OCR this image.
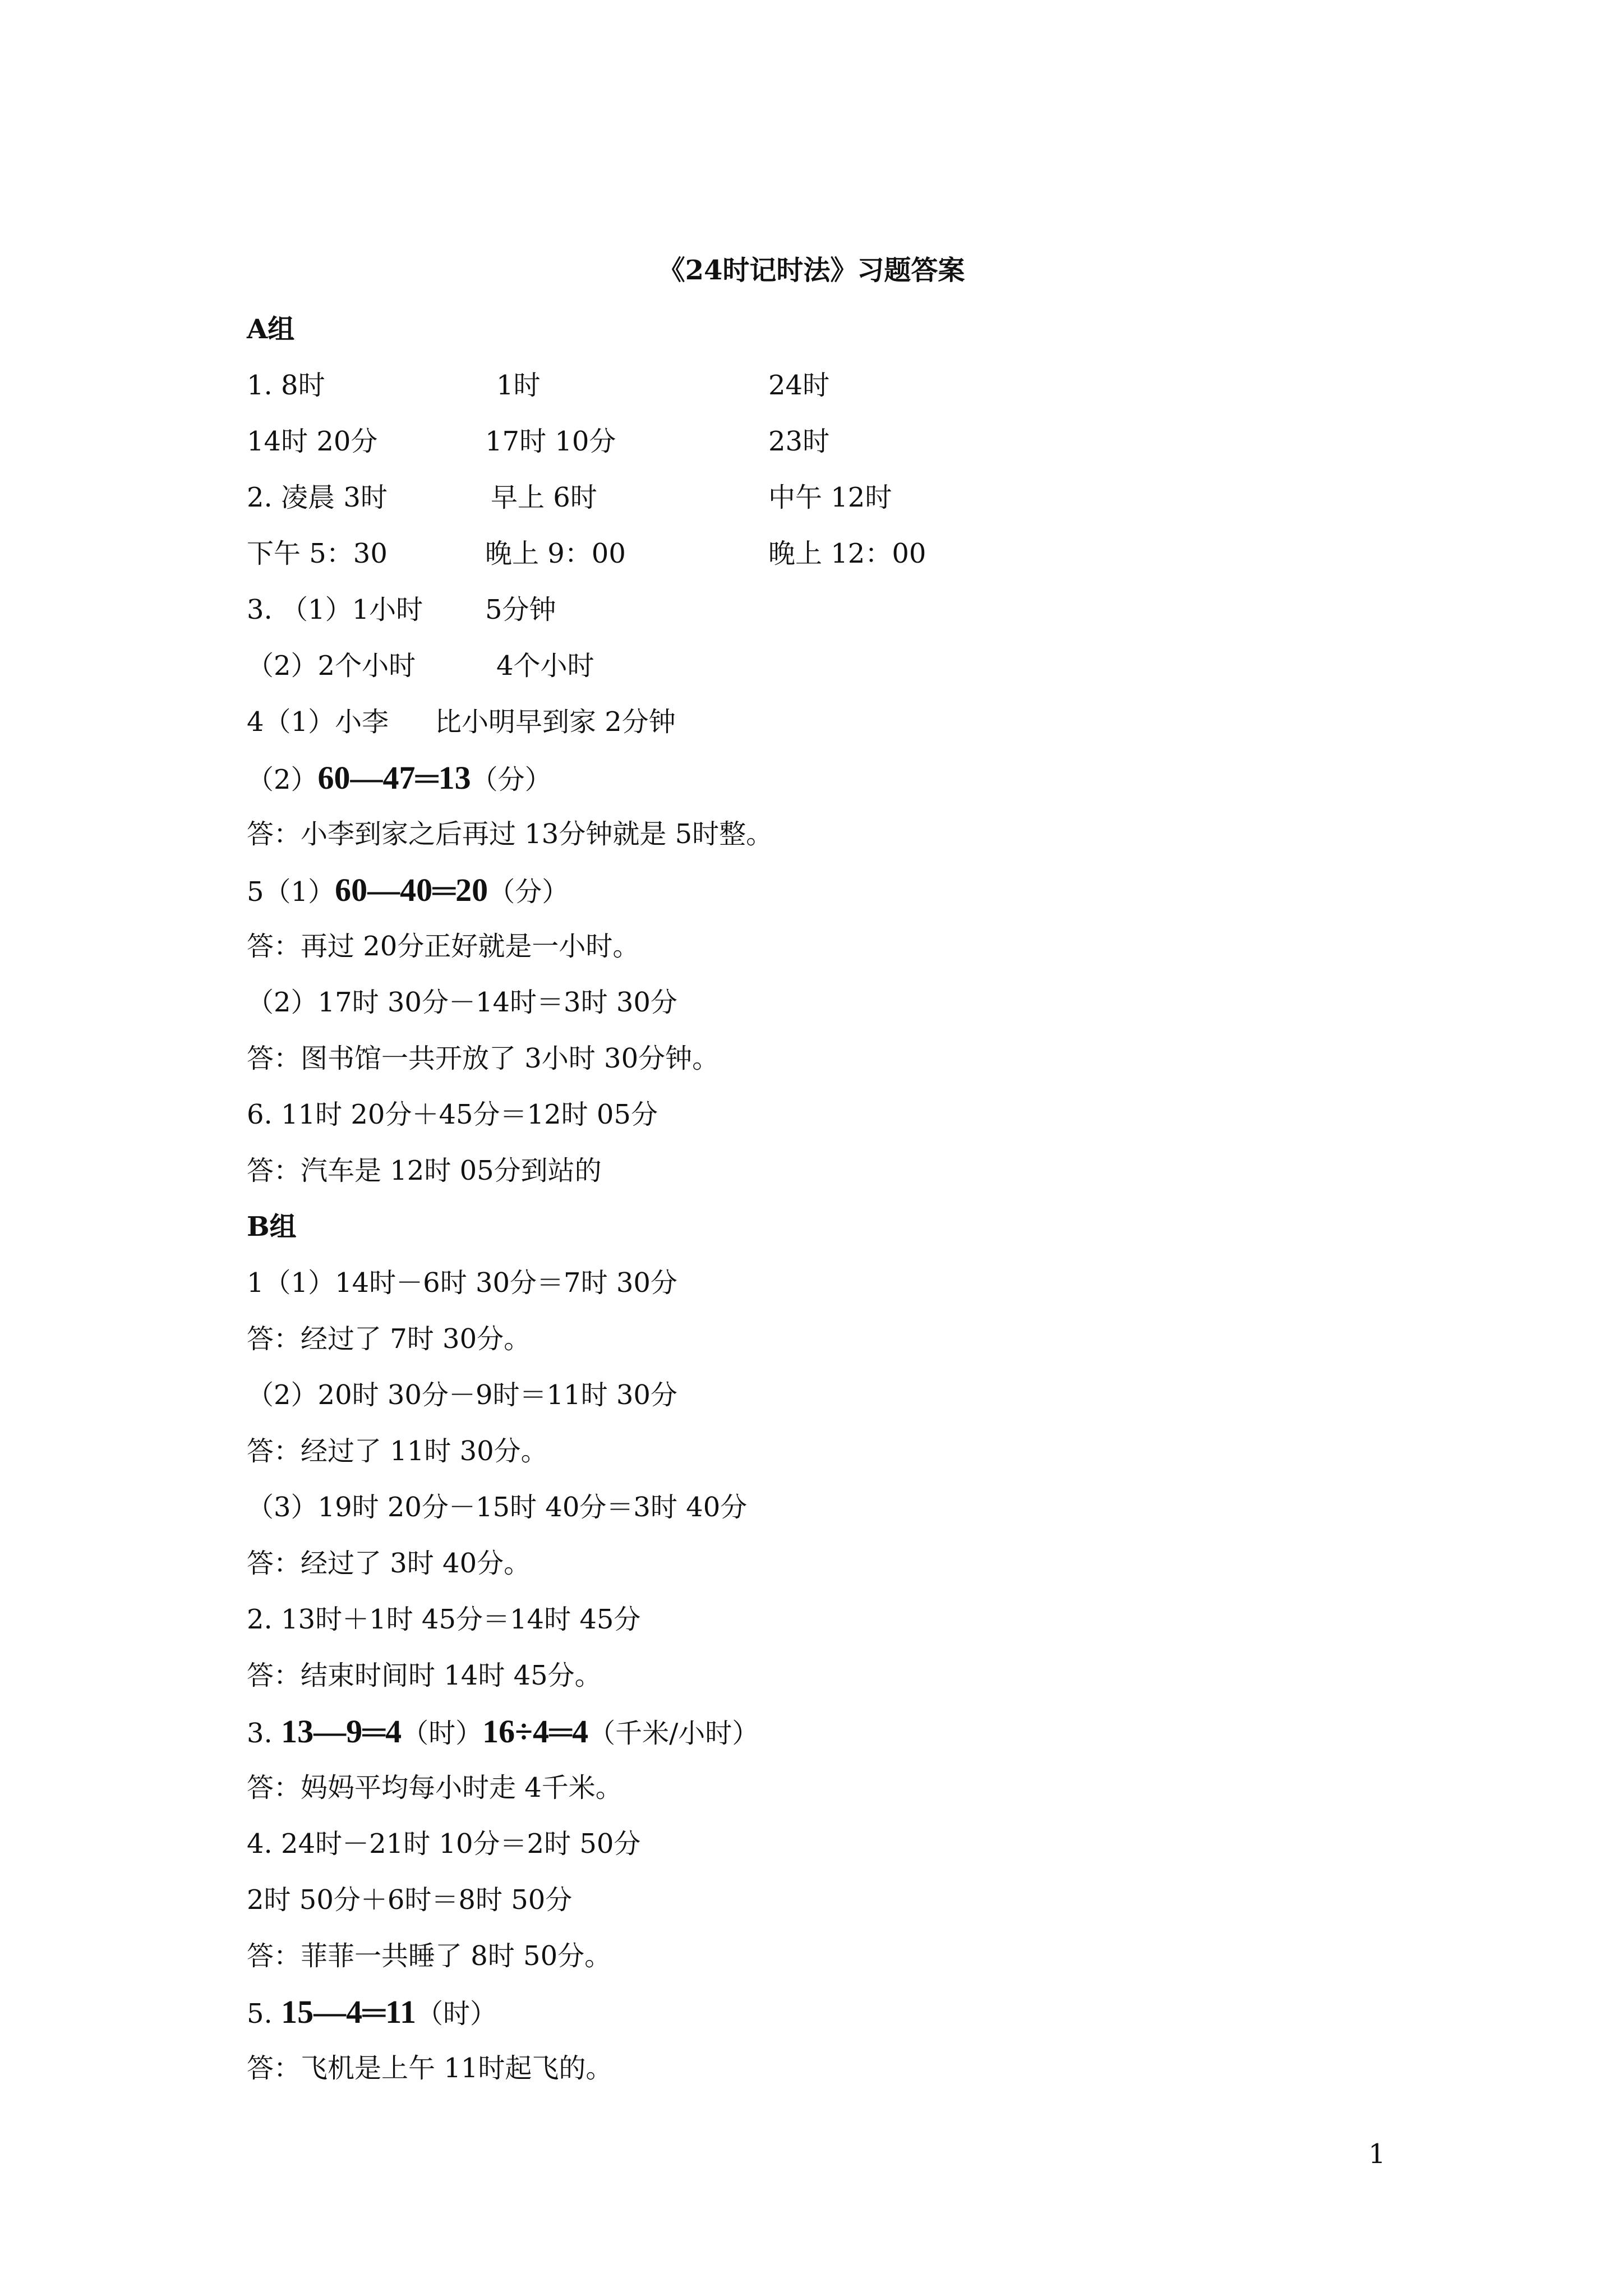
《24时记时法》习题答案
A组
1. 8时	1时	24时
14时 20分	17时 10分	23时
2. 凌晨 3时	早上 6时	中午 12时
下午 5：30	晚上 9：00	晚上 12：00
3. （1）1小时 5分钟
（2）2个小时	4个小时
4（1）小李 比小明早到家 2分钟
（2）60—47═13（分）
答：小李到家之后再过 13分钟就是 5时整。
5（1）60—40═20（分）
答：再过 20分正好就是一小时。
（2）17时 30分－14时＝3时 30分
答：图书馆一共开放了 3小时 30分钟。
6. 11时 20分＋45分＝12时 05分
答：汽车是 12时 05分到站的
B组
1（1）14时－6时 30分＝7时 30分
答：经过了 7时 30分。
（2）20时 30分－9时＝11时 30分
答：经过了 11时 30分。
（3）19时 20分－15时 40分＝3时 40分
答：经过了 3时 40分。
2. 13时＋1时 45分＝14时 45分
答：结束时间时 14时 45分。
3. 13—9═4（时）16÷4═4（千米/小时）
答：妈妈平均每小时走 4千米。
4. 24时－21时 10分＝2时 50分
2时 50分＋6时＝8时 50分
答：菲菲一共睡了 8时 50分。
5. 15—4═11（时）
答：飞机是上午 11时起飞的。
1
